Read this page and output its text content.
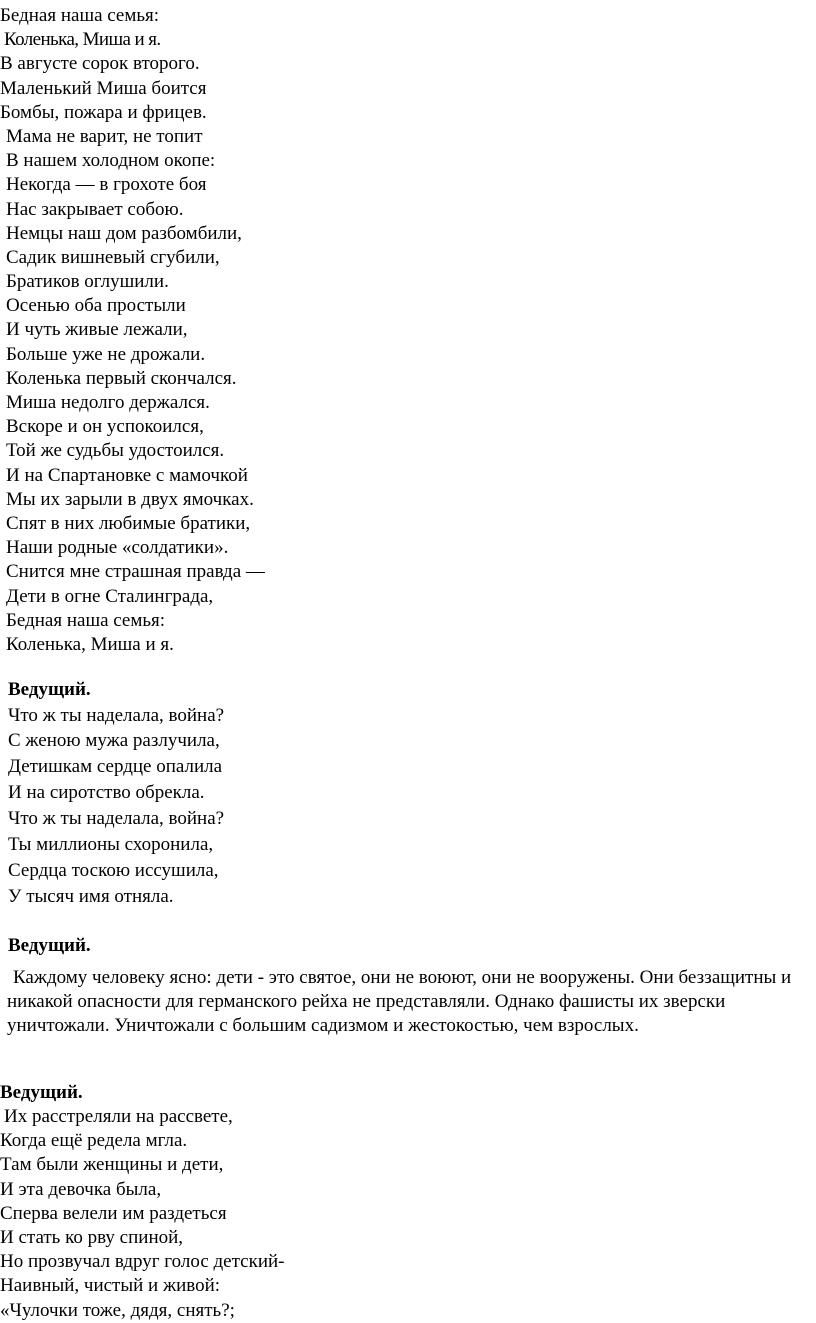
Бедная наша семья:
Коленька, Миша и я.
В августе сорок второго.
Маленький Миша боится
Бомбы, пожара и фрицев.
Мама не варит, не топит
В нашем холодном окопе:
Некогда — в грохоте боя
Нас закрывает собою.
Немцы наш дом разбомбили,
Садик вишневый сгубили,
Братиков оглушили.
Осенью оба простыли
И чуть живые лежали,
Больше уже не дрожали.
Коленька первый скончался.
Миша недолго держался.
Вскоре и он успокоился,
Той же судьбы удостоился.
И на Спартановке с мамочкой
Мы их зарыли в двух ямочках.
Спят в них любимые братики,
Наши родные «солдатики».
Снится мне страшная правда —
Дети в огне Сталинграда,
Бедная наша семья:
Коленька, Миша и я.
Ведущий.
Что ж ты наделала, война?
С женою мужа разлучила,
Детишкам сердце опалила
И на сиротство обрекла.
Что ж ты наделала, война?
Ты миллионы схоронила,
Сердца тоскою иссушила,
У тысяч имя отняла.
Ведущий.
Каждому человеку ясно: дети - это святое, они не воюют, они не вооружены. Они беззащитны и никакой опасности для германского рейха не представляли. Однако фашисты их зверски уничтожали. Уничтожали с большим садизмом и жестокостью, чем взрослых.
Ведущий.
Их расстреляли на рассвете,
Когда ещё редела мгла.
Там были женщины и дети,
И эта девочка была,
Сперва велели им раздеться
И стать ко рву спиной,
Но прозвучал вдруг голос детский-
Наивный, чистый и живой:
«Чулочки тоже, дядя, снять?;
